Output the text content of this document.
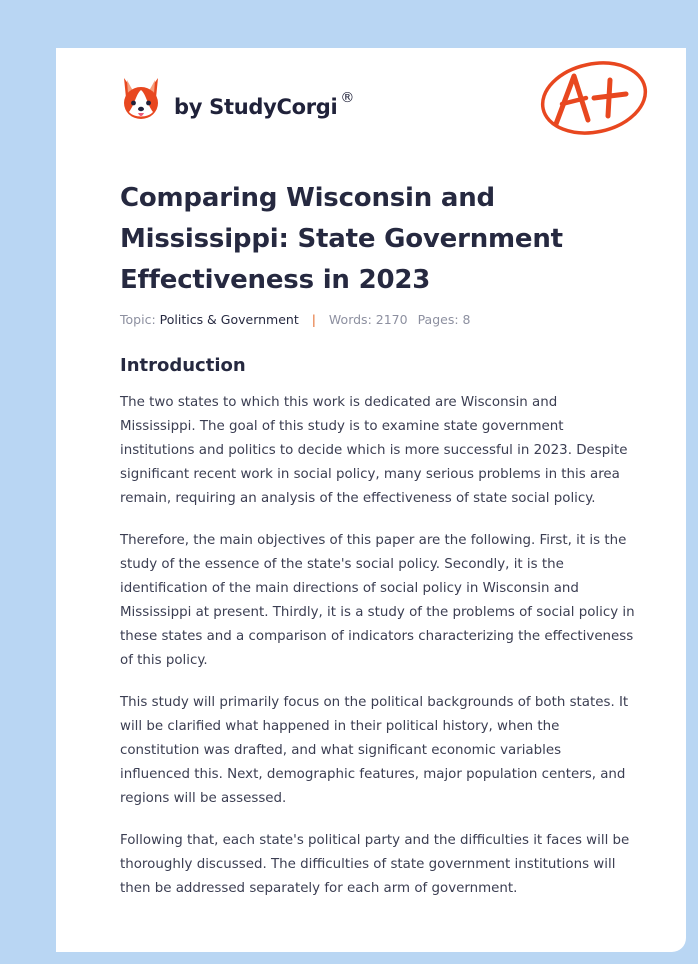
by StudyCorgi ®
Comparing Wisconsin and Mississippi: State Government Effectiveness in 2023
Topic: Politics & Government | Words: 2170 Pages: 8
Introduction

The two states to which this work is dedicated are Wisconsin and Mississippi. The goal of this study is to examine state government institutions and politics to decide which is more successful in 2023. Despite significant recent work in social policy, many serious problems in this area remain, requiring an analysis of the effectiveness of state social policy.

Therefore, the main objectives of this paper are the following. First, it is the study of the essence of the state's social policy. Secondly, it is the identification of the main directions of social policy in Wisconsin and Mississippi at present. Thirdly, it is a study of the problems of social policy in these states and a comparison of indicators characterizing the effectiveness of this policy.

This study will primarily focus on the political backgrounds of both states. It will be clarified what happened in their political history, when the constitution was drafted, and what significant economic variables influenced this. Next, demographic features, major population centers, and regions will be assessed.

Following that, each state's political party and the difficulties it faces will be thoroughly discussed. The difficulties of state government institutions will then be addressed separately for each arm of government.
